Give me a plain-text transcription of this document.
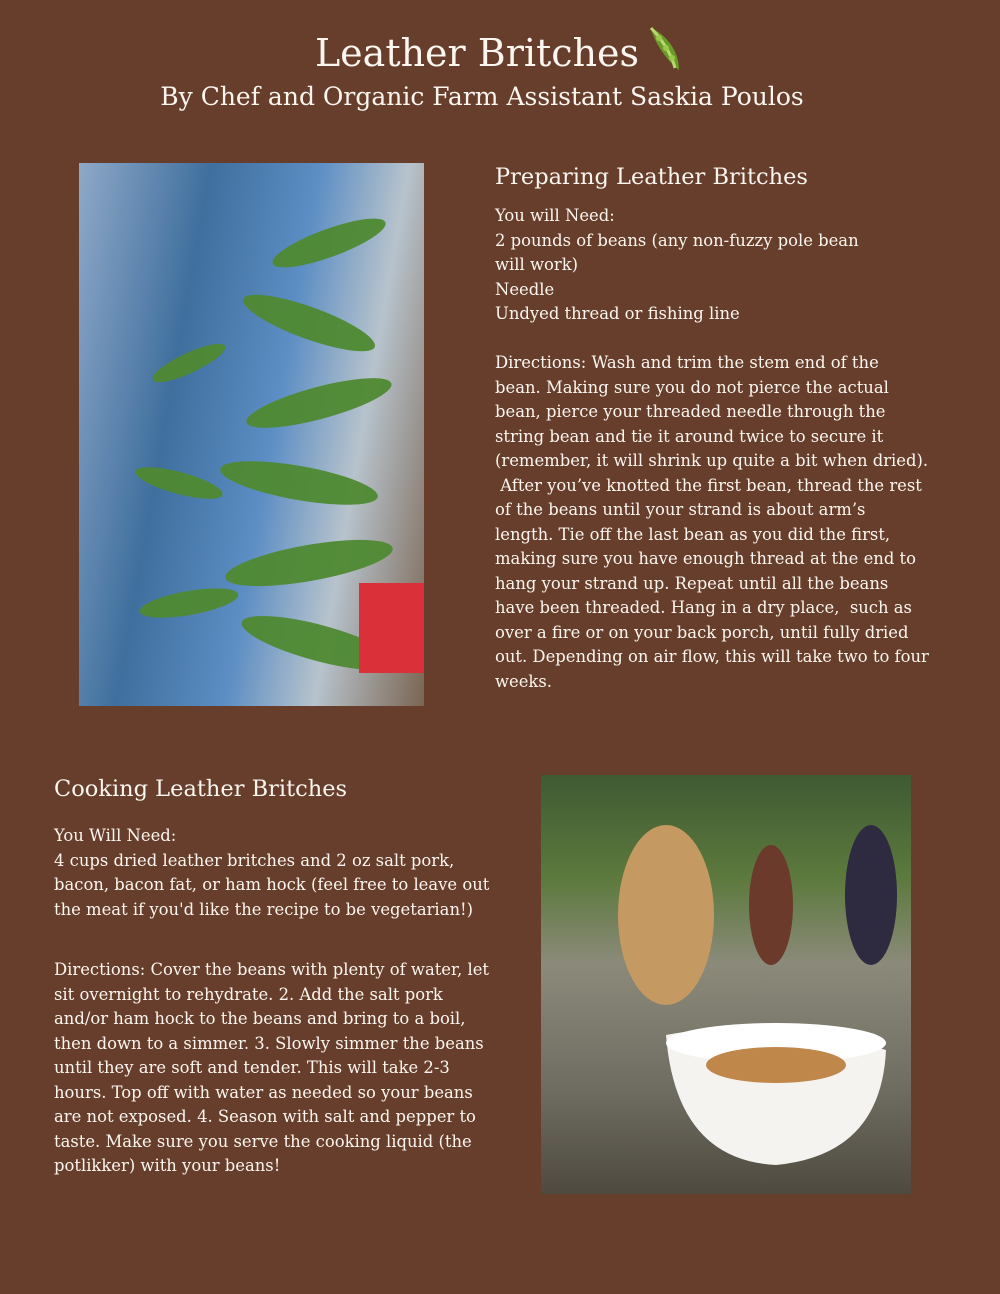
Leather Britches
By Chef and Organic Farm Assistant Saskia Poulos
Preparing Leather Britches
You will Need:
2 pounds of beans (any non-fuzzy pole bean
will work)
Needle
Undyed thread or fishing line
Directions: Wash and trim the stem end of the
bean. Making sure you do not pierce the actual
bean, pierce your threaded needle through the
string bean and tie it around twice to secure it
(remember, it will shrink up quite a bit when dried).
After you’ve knotted the first bean, thread the rest
of the beans until your strand is about arm’s
length. Tie off the last bean as you did the first,
making sure you have enough thread at the end to
hang your strand up. Repeat until all the beans
have been threaded. Hang in a dry place,  such as
over a fire or on your back porch, until fully dried
out. Depending on air flow, this will take two to four
weeks.
Cooking Leather Britches
You Will Need:
4 cups dried leather britches and 2 oz salt pork,
bacon, bacon fat, or ham hock (feel free to leave out
the meat if you'd like the recipe to be vegetarian!)
Directions: Cover the beans with plenty of water, let
sit overnight to rehydrate. 2. Add the salt pork
and/or ham hock to the beans and bring to a boil,
then down to a simmer. 3. Slowly simmer the beans
until they are soft and tender. This will take 2-3
hours. Top off with water as needed so your beans
are not exposed. 4. Season with salt and pepper to
taste. Make sure you serve the cooking liquid (the
potlikker) with your beans!
